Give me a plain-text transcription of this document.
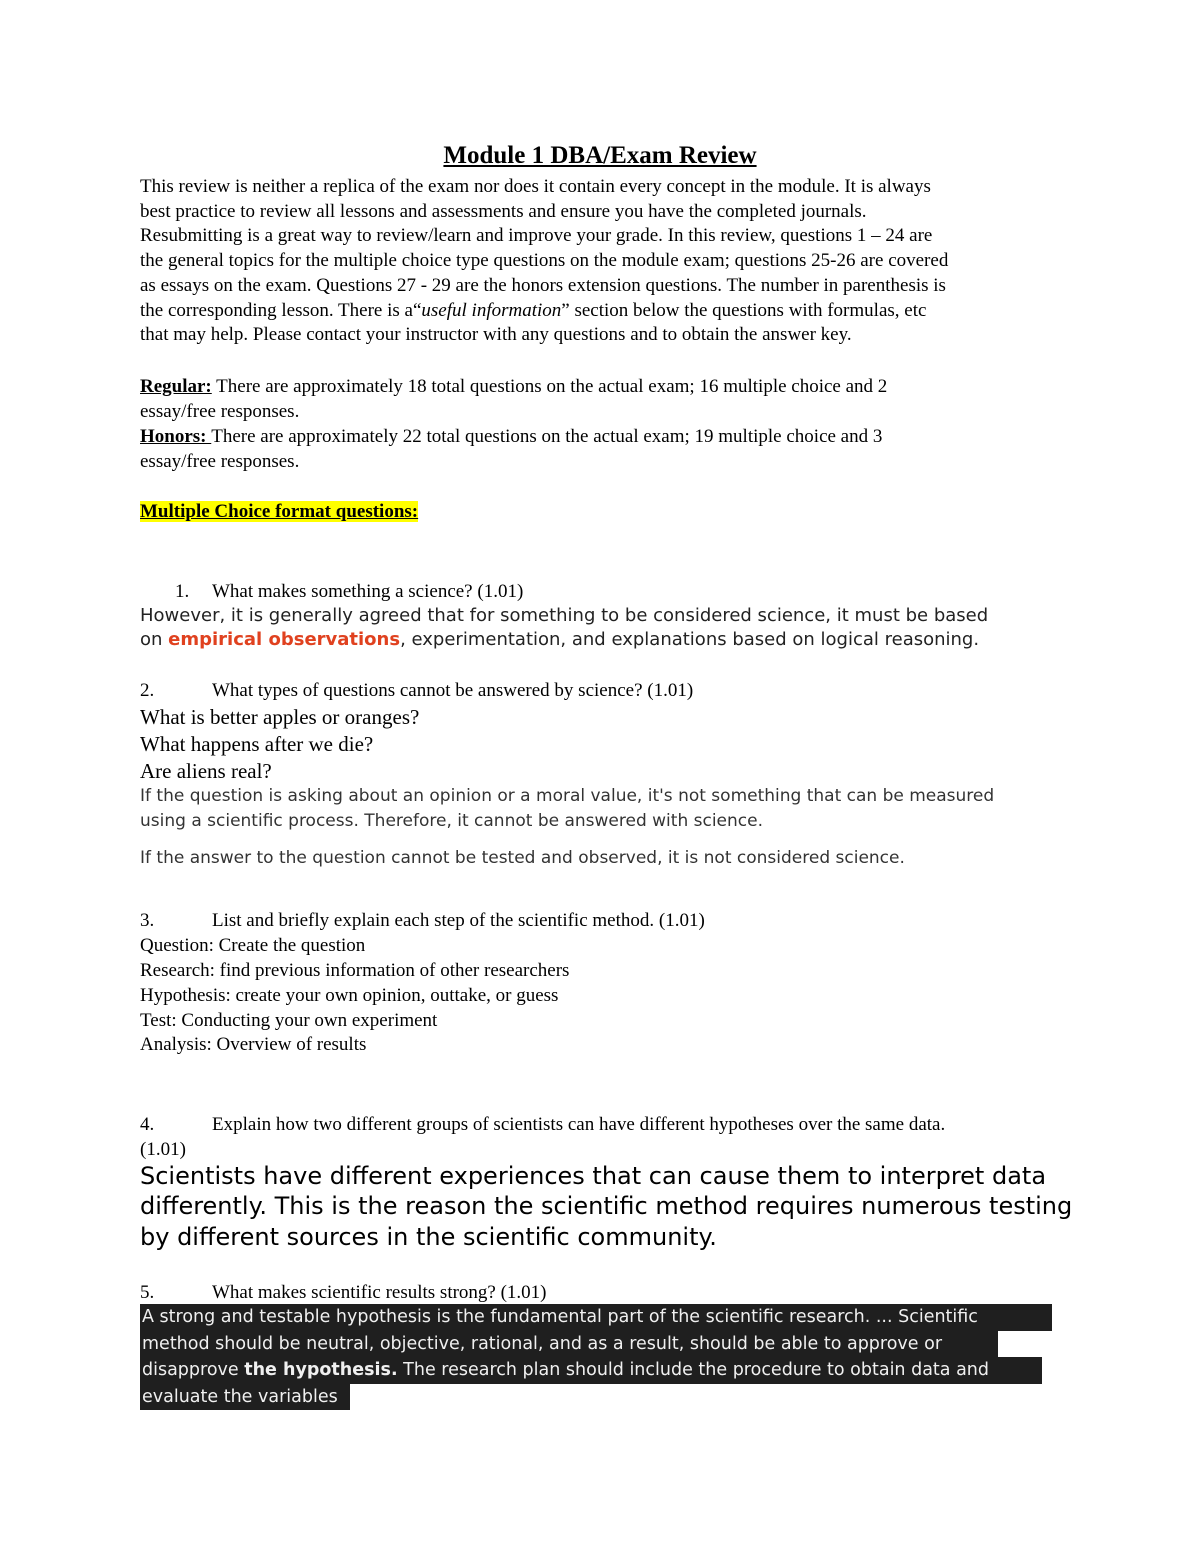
Module 1 DBA/Exam Review
This review is neither a replica of the exam nor does it contain every concept in the module. It is always
best practice to review all lessons and assessments and ensure you have the completed journals.
Resubmitting is a great way to review/learn and improve your grade. In this review, questions 1 – 24 are
the general topics for the multiple choice type questions on the module exam; questions 25-26 are covered
as essays on the exam. Questions 27 - 29 are the honors extension questions. The number in parenthesis is
the corresponding lesson. There is a“useful information” section below the questions with formulas, etc
that may help. Please contact your instructor with any questions and to obtain the answer key.
Regular: There are approximately 18 total questions on the actual exam; 16 multiple choice and 2
essay/free responses.
Honors: There are approximately 22 total questions on the actual exam; 19 multiple choice and 3
essay/free responses.
Multiple Choice format questions:
1. What makes something a science? (1.01)
However, it is generally agreed that for something to be considered science, it must be based
on empirical observations, experimentation, and explanations based on logical reasoning.
2.	What types of questions cannot be answered by science? (1.01)
What is better apples or oranges?
What happens after we die?
Are aliens real?
If the question is asking about an opinion or a moral value, it's not something that can be measured
using a scientific process. Therefore, it cannot be answered with science.
If the answer to the question cannot be tested and observed, it is not considered science.
3.	List and briefly explain each step of the scientific method. (1.01)
Question: Create the question
Research: find previous information of other researchers
Hypothesis: create your own opinion, outtake, or guess
Test: Conducting your own experiment
Analysis: Overview of results
4.	Explain how two different groups of scientists can have different hypotheses over the same data.
(1.01)
Scientists have different experiences that can cause them to interpret data
differently. This is the reason the scientific method requires numerous testing
by different sources in the scientific community.
5.	What makes scientific results strong? (1.01)
A strong and testable hypothesis is the fundamental part of the scientific research. ... Scientific
method should be neutral, objective, rational, and as a result, should be able to approve or
disapprove the hypothesis. The research plan should include the procedure to obtain data and
evaluate the variables
